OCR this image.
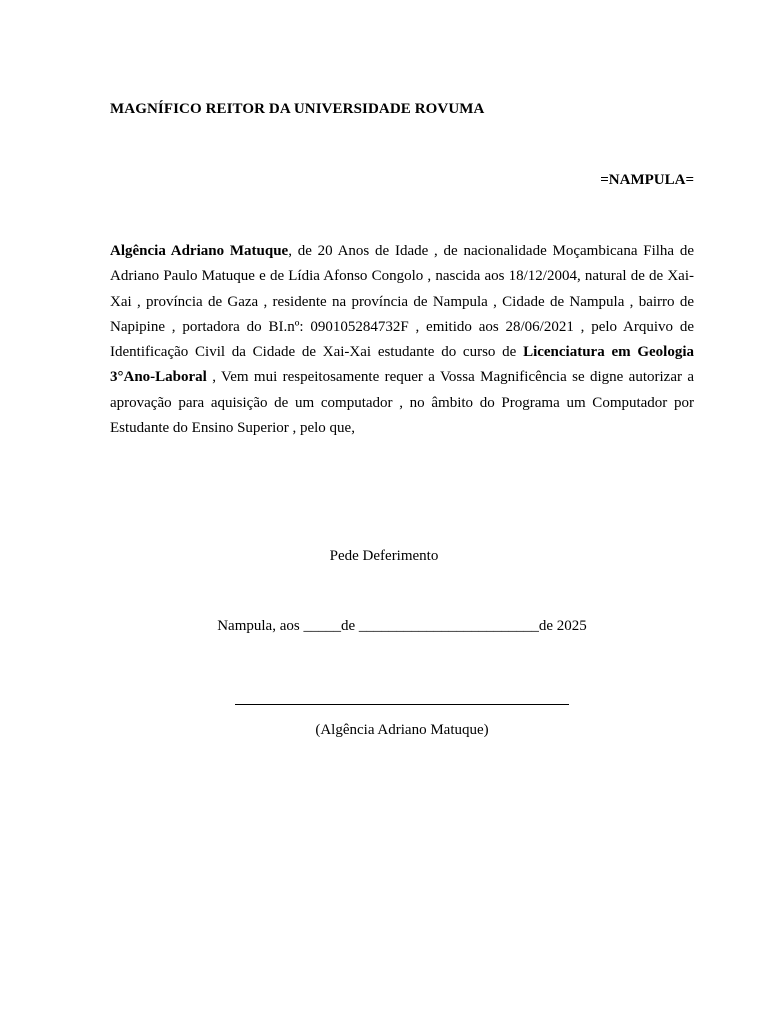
MAGNÍFICO REITOR DA UNIVERSIDADE ROVUMA
=NAMPULA=
Algência Adriano Matuque, de 20 Anos de Idade , de nacionalidade Moçambicana Filha de Adriano Paulo Matuque e de Lídia Afonso Congolo , nascida aos 18/12/2004, natural de de Xai-Xai , província de Gaza , residente na província de Nampula , Cidade de Nampula , bairro de Napipine , portadora do BI.nº: 090105284732F , emitido aos 28/06/2021 , pelo Arquivo de Identificação Civil da Cidade de Xai-Xai estudante do curso de Licenciatura em Geologia 3°Ano-Laboral , Vem mui respeitosamente requer a Vossa Magnificência se digne autorizar a aprovação para aquisição de um computador , no âmbito do Programa um Computador por Estudante do Ensino Superior , pelo que,
Pede Deferimento
Nampula, aos _____de ________________________de 2025
(Algência Adriano Matuque)
